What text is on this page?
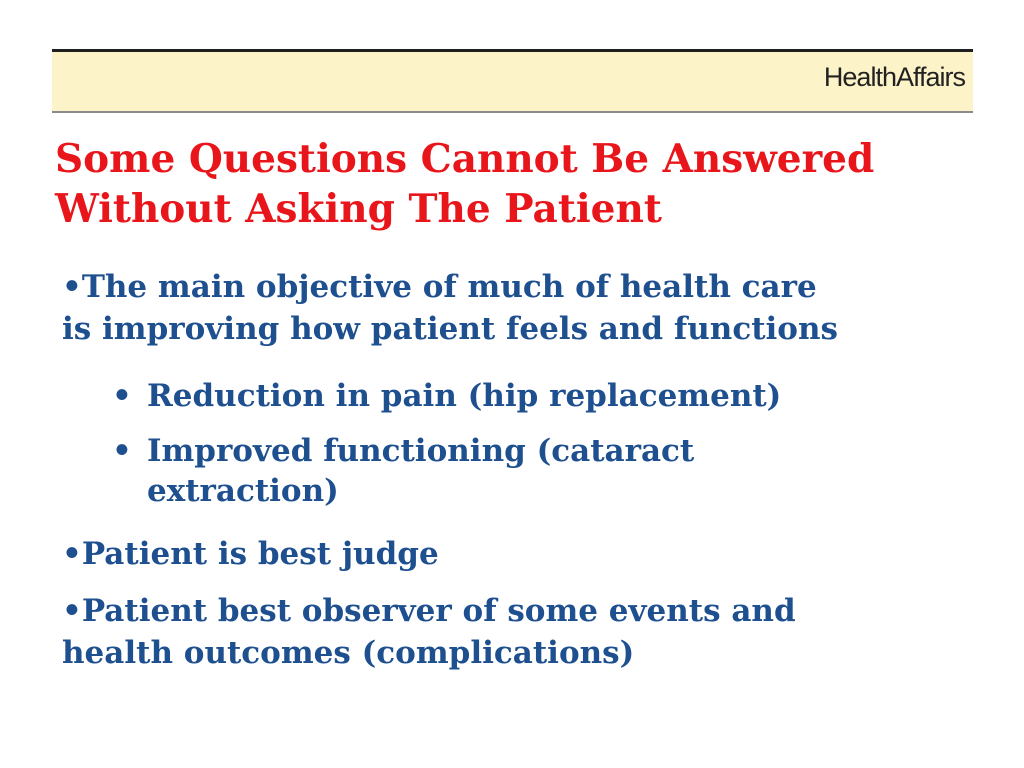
HealthAffairs
Some Questions Cannot Be Answered
Without Asking The Patient

•The main objective of much of health care
is improving how patient feels and functions

• Reduction in pain (hip replacement)

• Improved functioning (cataract
extraction)

•Patient is best judge

•Patient best observer of some events and
health outcomes (complications)
